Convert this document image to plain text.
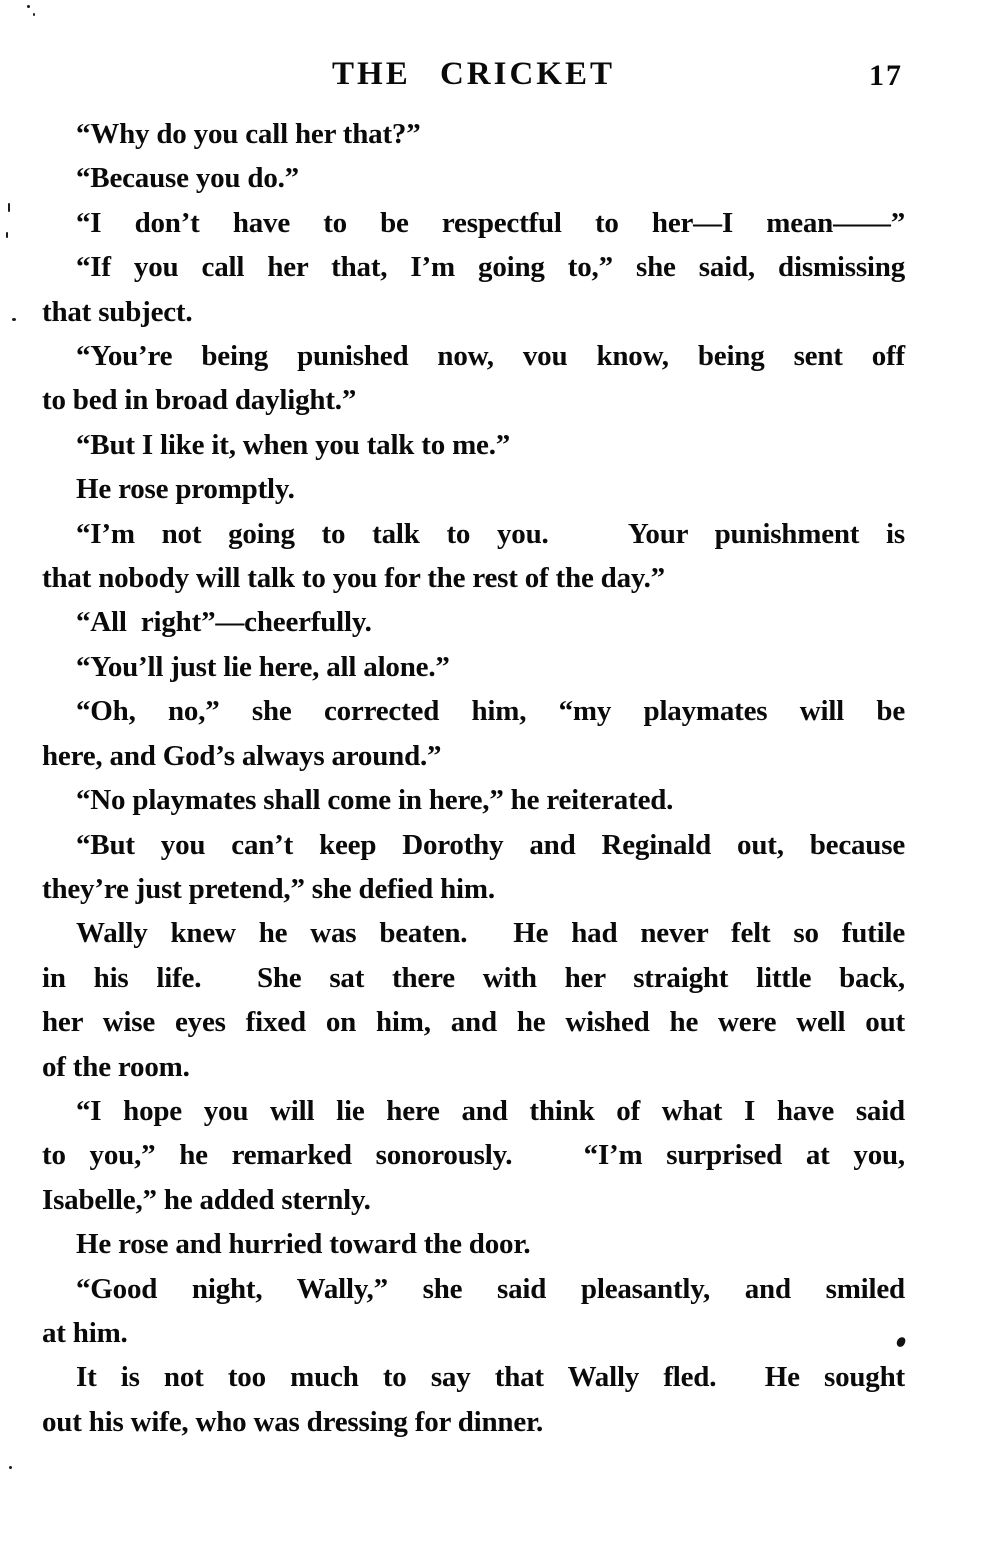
THE CRICKET	17
“Why do you call her that?”
“Because you do.”
“I don’t have to be respectful to her—I mean——”
“If you call her that, I’m going to,” she said, dismissing
that subject.
“You’re being punished now, vou know, being sent off
to bed in broad daylight.”
“But I like it, when you talk to me.”
He rose promptly.
“I’m not going to talk to you.   Your punishment is
that nobody will talk to you for the rest of the day.”
“All  right”—cheerfully.
“You’ll just lie here, all alone.”
“Oh, no,” she corrected him, “my playmates will be
here, and God’s always around.”
“No playmates shall come in here,” he reiterated.
“But you can’t keep Dorothy and Reginald out, because
they’re just pretend,” she defied him.
Wally knew he was beaten.  He had never felt so futile
in his life.  She sat there with her straight little back,
her wise eyes fixed on him, and he wished he were well out
of the room.
“I hope you will lie here and think of what I have said
to you,” he remarked sonorously.   “I’m surprised at you,
Isabelle,” he added sternly.
He rose and hurried toward the door.
“Good night, Wally,” she said pleasantly, and smiled
at him.
It is not too much to say that Wally fled.  He sought
out his wife, who was dressing for dinner.
